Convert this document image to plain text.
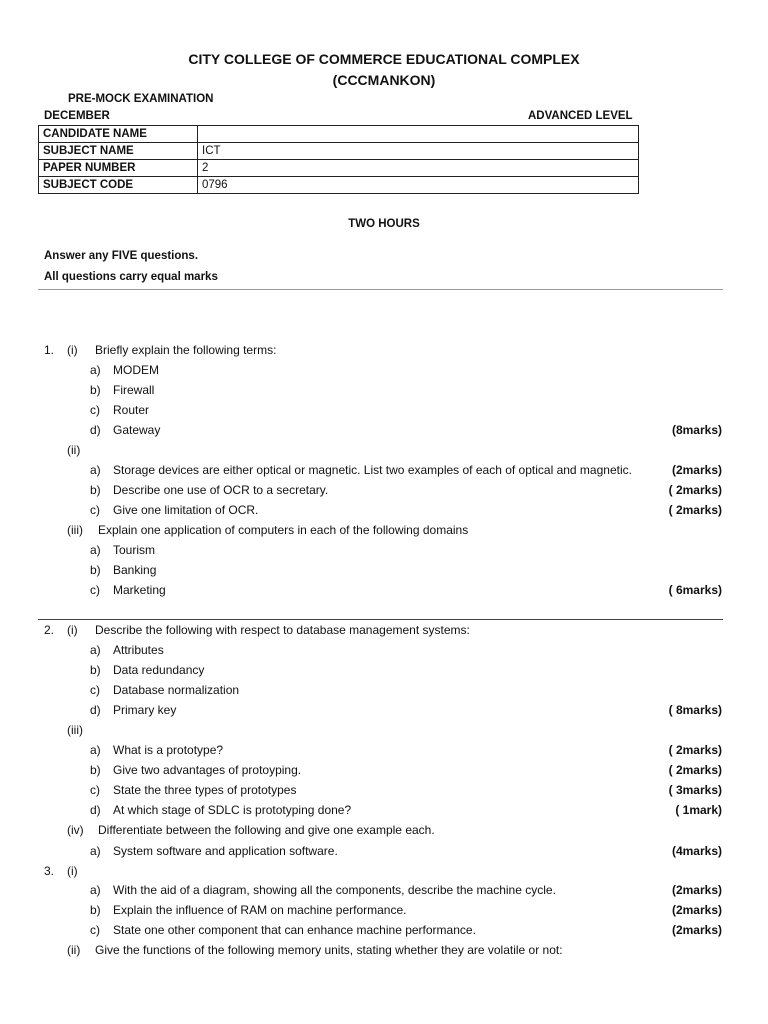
CITY COLLEGE OF COMMERCE EDUCATIONAL COMPLEX
(CCCMANKON)
PRE-MOCK EXAMINATION
DECEMBER	ADVANCED LEVEL
CANDIDATE NAME	
SUBJECT NAME	ICT
PAPER NUMBER	2
SUBJECT CODE	0796
TWO HOURS
Answer any FIVE questions.
All questions carry equal marks
1. (i) Briefly explain the following terms:
a) MODEM
b) Firewall
c) Router
d) Gateway	(8marks)
(ii)
a) Storage devices are either optical or magnetic. List two examples of each of optical and magnetic.	(2marks)
b) Describe one use of OCR to a secretary.	( 2marks)
c) Give one limitation of OCR.	( 2marks)
(iii) Explain one application of computers in each of the following domains
a) Tourism
b) Banking
c) Marketing	( 6marks)
2. (i) Describe the following with respect to database management systems:
a) Attributes
b) Data redundancy
c) Database normalization
d) Primary key	( 8marks)
(iii)
a) What is a prototype?	( 2marks)
b) Give two advantages of protoyping.	( 2marks)
c) State the three types of prototypes	( 3marks)
d) At which stage of SDLC is prototyping done?	( 1mark)
(iv) Differentiate between the following and give one example each.
a) System software and application software.	(4marks)
3. (i)
a) With the aid of a diagram, showing all the components, describe the machine cycle.	(2marks)
b) Explain the influence of RAM on machine performance.	(2marks)
c) State one other component that can enhance machine performance.	(2marks)
(ii) Give the functions of the following memory units, stating whether they are volatile or not:
